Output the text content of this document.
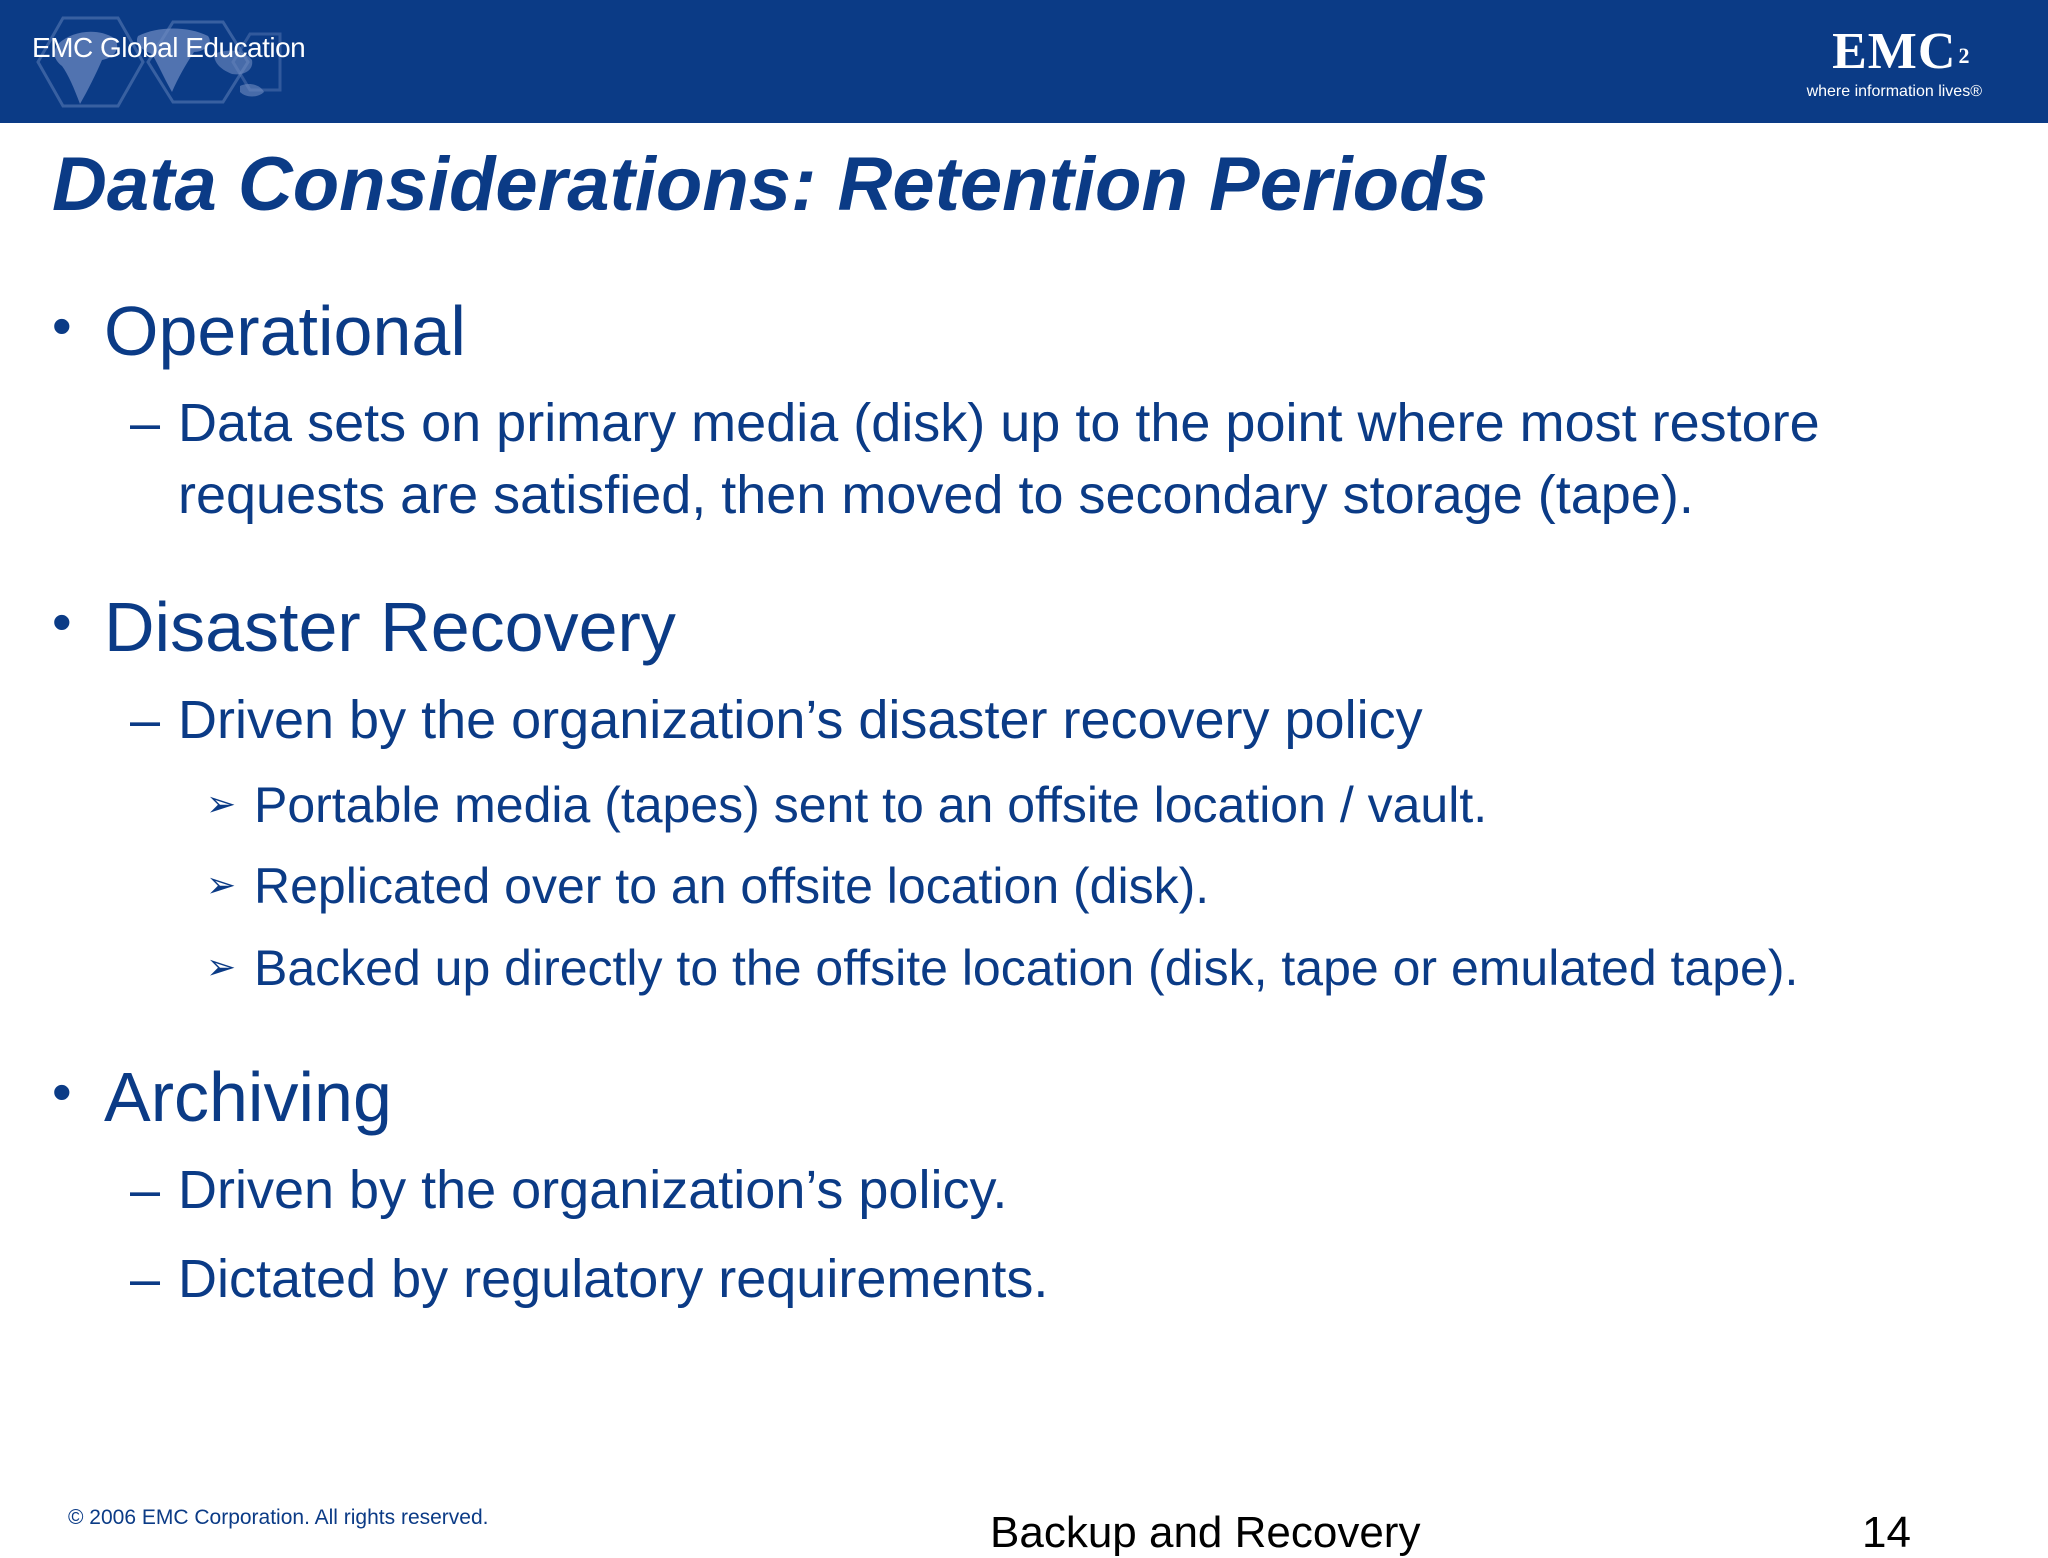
EMC Global Education	EMC 2
where information lives®
Data Considerations: Retention Periods
• Operational
– Data sets on primary media (disk) up to the point where most restore requests are satisfied, then moved to secondary storage (tape).
• Disaster Recovery
– Driven by the organization’s disaster recovery policy
➢ Portable media (tapes) sent to an offsite location / vault.
➢ Replicated over to an offsite location (disk).
➢ Backed up directly to the offsite location (disk, tape or emulated tape).
• Archiving
– Driven by the organization’s policy.
– Dictated by regulatory requirements.
© 2006 EMC Corporation. All rights reserved.	Backup and Recovery	14
